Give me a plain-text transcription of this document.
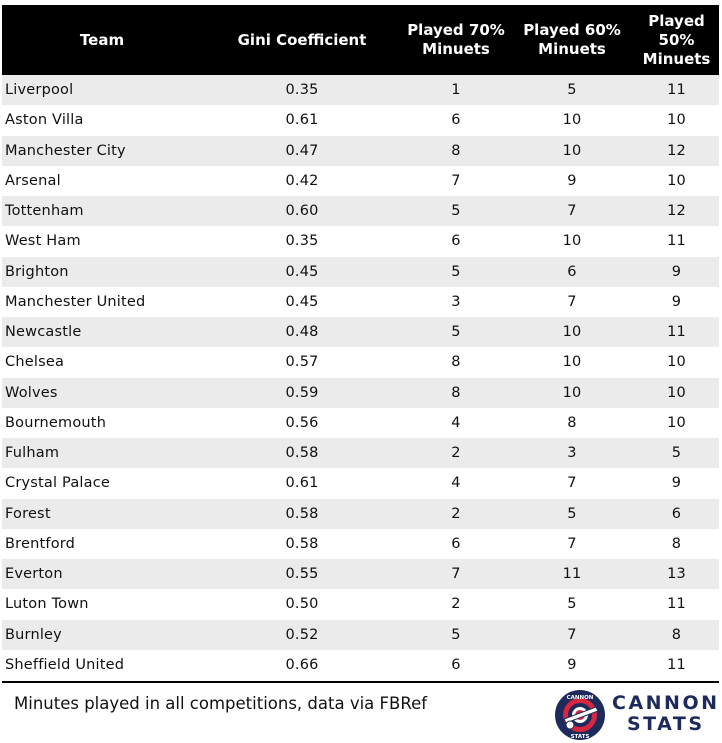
Team	Gini Coefficient	Played 70% Minuets	Played 60% Minuets	Played 50% Minuets
Liverpool	0.35	1	5	11
Aston Villa	0.61	6	10	10
Manchester City	0.47	8	10	12
Arsenal	0.42	7	9	10
Tottenham	0.60	5	7	12
West Ham	0.35	6	10	11
Brighton	0.45	5	6	9
Manchester United	0.45	3	7	9
Newcastle	0.48	5	10	11
Chelsea	0.57	8	10	10
Wolves	0.59	8	10	10
Bournemouth	0.56	4	8	10
Fulham	0.58	2	3	5
Crystal Palace	0.61	4	7	9
Forest	0.58	2	5	6
Brentford	0.58	6	7	8
Everton	0.55	7	11	13
Luton Town	0.50	2	5	11
Burnley	0.52	5	7	8
Sheffield United	0.66	6	9	11
Minutes played in all competitions, data via FBRef	CANNON
STATS
CANNON
STATS
